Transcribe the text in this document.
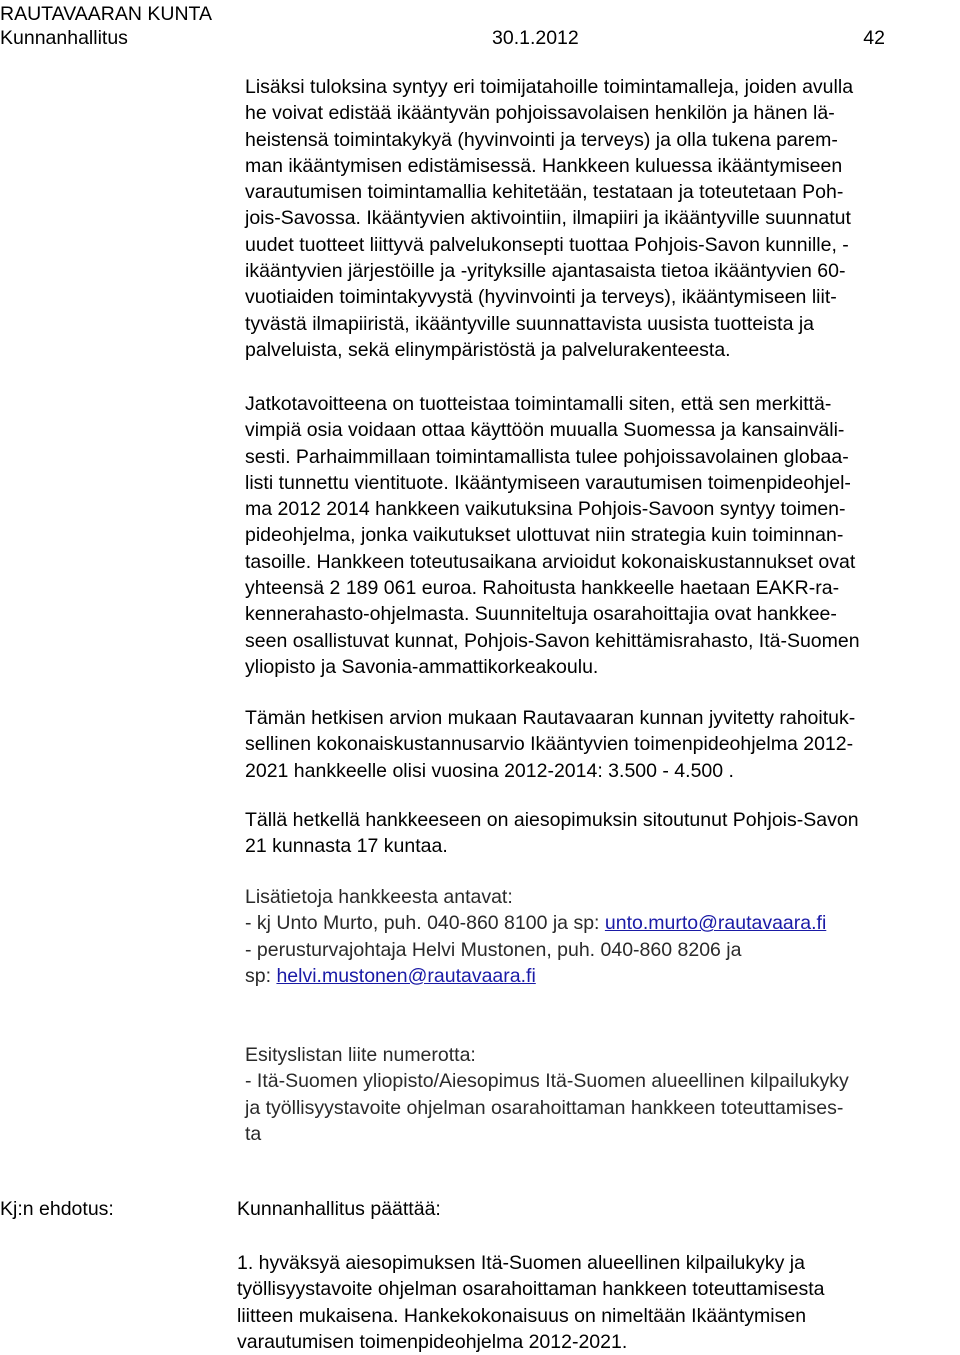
RAUTAVAARAN KUNTA
Kunnanhallitus	30.1.2012	42
Lisäksi tuloksina syntyy eri toimijatahoille toimintamalleja, joiden avulla
he voivat edistää ikääntyvän pohjoissavolaisen henkilön ja hänen lä-
heistensä toimintakykyä (hyvinvointi ja terveys) ja olla tukena parem-
man ikääntymisen edistämisessä. Hankkeen kuluessa ikääntymiseen
varautumisen toimintamallia kehitetään, testataan ja toteutetaan Poh-
jois-Savossa. Ikääntyvien aktivointiin, ilmapiiri ja ikääntyville suunnatut
uudet tuotteet liittyvä palvelukonsepti tuottaa Pohjois-Savon kunnille, -
ikääntyvien järjestöille ja -yrityksille ajantasaista tietoa ikääntyvien 60-
vuotiaiden toimintakyvystä (hyvinvointi ja terveys), ikääntymiseen liit-
tyvästä ilmapiiristä, ikääntyville suunnattavista uusista tuotteista ja
palveluista, sekä elinympäristöstä ja palvelurakenteesta.
Jatkotavoitteena on tuotteistaa toimintamalli siten, että sen merkittä-
vimpiä osia voidaan ottaa käyttöön muualla Suomessa ja kansainväli-
sesti. Parhaimmillaan toimintamallista tulee pohjoissavolainen globaa-
listi tunnettu vientituote. Ikääntymiseen varautumisen toimenpideohjel-
ma 2012 2014 hankkeen vaikutuksina Pohjois-Savoon syntyy toimen-
pideohjelma, jonka vaikutukset ulottuvat niin strategia kuin toiminnan-
tasoille. Hankkeen toteutusaikana arvioidut kokonaiskustannukset ovat
yhteensä 2 189 061 euroa. Rahoitusta hankkeelle haetaan EAKR-ra-
kennerahasto-ohjelmasta. Suunniteltuja osarahoittajia ovat hankkee-
seen osallistuvat kunnat, Pohjois-Savon kehittämisrahasto, Itä-Suomen
yliopisto ja Savonia-ammattikorkeakoulu.
Tämän hetkisen arvion mukaan Rautavaaran kunnan jyvitetty rahoituk-
sellinen kokonaiskustannusarvio Ikääntyvien toimenpideohjelma 2012-
2021 hankkeelle olisi vuosina 2012-2014: 3.500 - 4.500 .
Tällä hetkellä hankkeeseen on aiesopimuksin sitoutunut Pohjois-Savon
21 kunnasta 17 kuntaa.
Lisätietoja hankkeesta antavat:
- kj Unto Murto, puh. 040-860 8100 ja sp: unto.murto@rautavaara.fi
- perusturvajohtaja Helvi Mustonen, puh. 040-860 8206 ja
sp: helvi.mustonen@rautavaara.fi
Esityslistan liite numerotta:
- Itä-Suomen yliopisto/Aiesopimus Itä-Suomen alueellinen kilpailukyky
ja työllisyystavoite ohjelman osarahoittaman hankkeen toteuttamises-
ta
Kj:n ehdotus:	Kunnanhallitus päättää:
1. hyväksyä aiesopimuksen Itä-Suomen alueellinen kilpailukyky ja
työllisyystavoite ohjelman osarahoittaman hankkeen toteuttamisesta
liitteen mukaisena. Hankekokonaisuus on nimeltään Ikääntymisen
varautumisen toimenpideohjelma 2012-2021.
